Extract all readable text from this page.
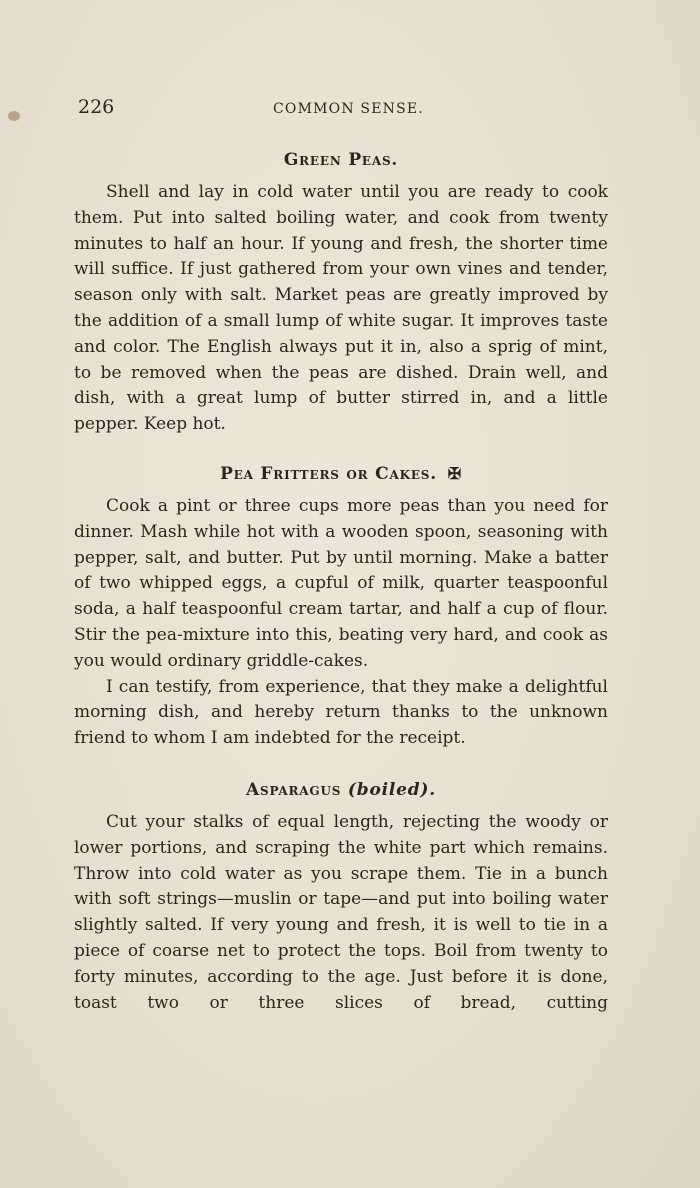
226	COMMON SENSE.
Green Peas.

Shell and lay in cold water until you are ready to cook them. Put into salted boiling water, and cook from twenty minutes to half an hour. If young and fresh, the shorter time will suffice. If just gathered from your own vines and tender, season only with salt. Market peas are greatly improved by the addition of a small lump of white sugar. It improves taste and color. The English always put it in, also a sprig of mint, to be removed when the peas are dished. Drain well, and dish, with a great lump of butter stirred in, and a little pepper. Keep hot.

Pea Fritters or Cakes. ✠

Cook a pint or three cups more peas than you need for dinner. Mash while hot with a wooden spoon, seasoning with pepper, salt, and butter. Put by until morning. Make a batter of two whipped eggs, a cupful of milk, quarter teaspoonful soda, a half teaspoonful cream tartar, and half a cup of flour. Stir the pea-mixture into this, beating very hard, and cook as you would ordinary griddle-cakes.

I can testify, from experience, that they make a delightful morning dish, and hereby return thanks to the unknown friend to whom I am indebted for the receipt.

Asparagus (boiled).

Cut your stalks of equal length, rejecting the woody or lower portions, and scraping the white part which remains. Throw into cold water as you scrape them. Tie in a bunch with soft strings—muslin or tape—and put into boiling water slightly salted. If very young and fresh, it is well to tie in a piece of coarse net to protect the tops. Boil from twenty to forty minutes, according to the age. Just before it is done, toast two or three slices of bread, cutting
